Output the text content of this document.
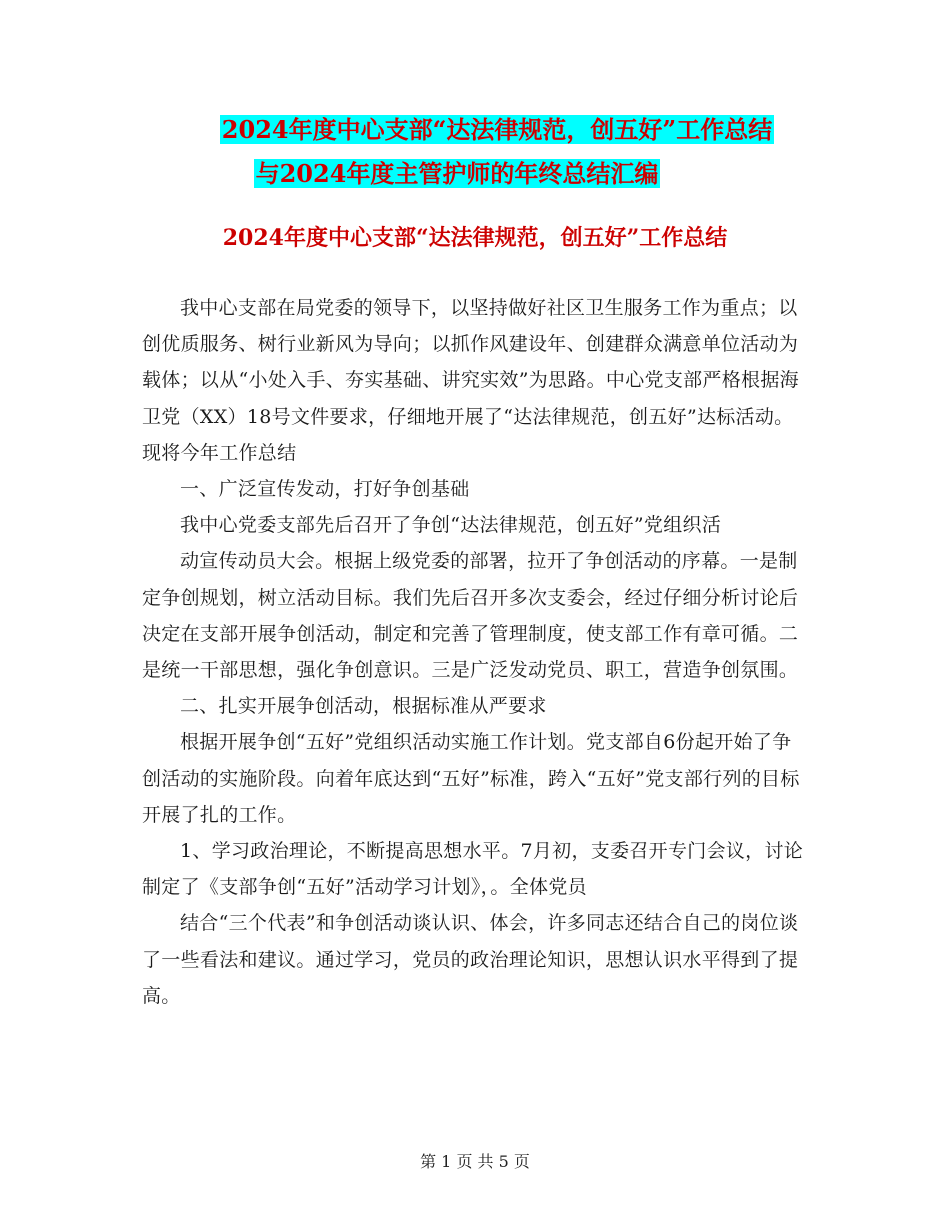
2024年度中心支部“达法律规范，创五好”工作总结
与2024年度主管护师的年终总结汇编
2024年度中心支部“达法律规范，创五好”工作总结

我中心支部在局党委的领导下，以坚持做好社区卫生服务工作为重点；以创优质服务、树行业新风为导向；以抓作风建设年、创建群众满意单位活动为载体；以从“小处入手、夯实基础、讲究实效”为思路。中心党支部严格根据海卫党（XX）18号文件要求，仔细地开展了“达法律规范，创五好”达标活动。现将今年工作总结

一、广泛宣传发动，打好争创基础

我中心党委支部先后召开了争创“达法律规范，创五好”党组织活

动宣传动员大会。根据上级党委的部署，拉开了争创活动的序幕。一是制定争创规划，树立活动目标。我们先后召开多次支委会，经过仔细分析讨论后决定在支部开展争创活动，制定和完善了管理制度，使支部工作有章可循。二是统一干部思想，强化争创意识。三是广泛发动党员、职工，营造争创氛围。

二、扎实开展争创活动，根据标准从严要求

根据开展争创“五好”党组织活动实施工作计划。党支部自6份起开始了争创活动的实施阶段。向着年底达到“五好”标准，跨入“五好”党支部行列的目标开展了扎的工作。

1、学习政治理论，不断提高思想水平。7月初，支委召开专门会议，讨论制定了《支部争创“五好”活动学习计划》，。全体党员

结合“三个代表”和争创活动谈认识、体会，许多同志还结合自己的岗位谈了一些看法和建议。通过学习，党员的政治理论知识，思想认识水平得到了提高。

第 1 页 共 5 页
